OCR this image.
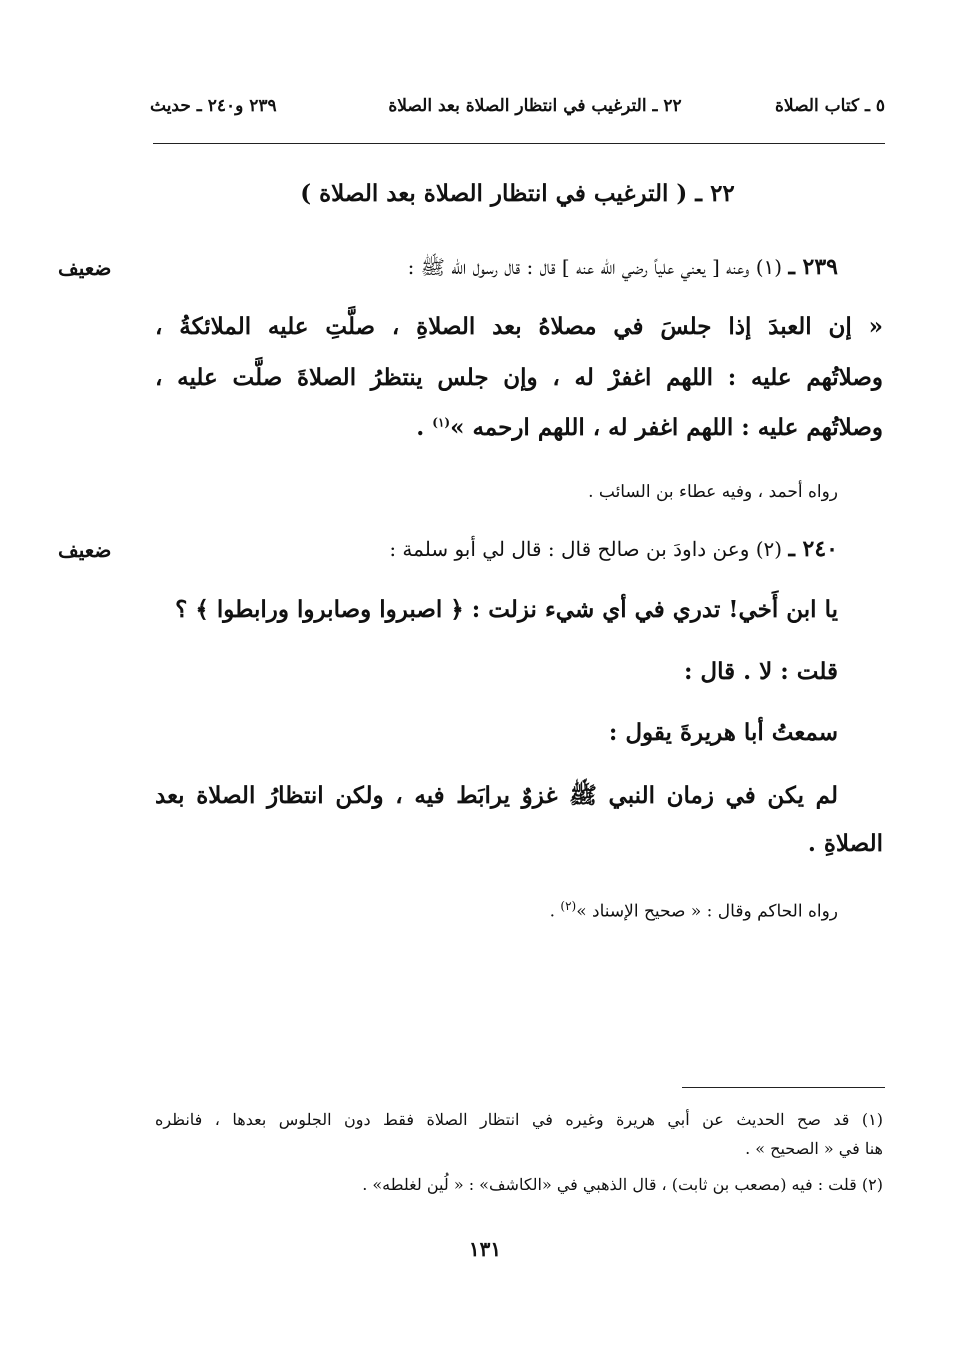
٥ ـ كتاب الصلاة
٢٢ ـ الترغيب في انتظار الصلاة بعد الصلاة
٢٣٩ و٢٤٠ ـ حديث
٢٢ ـ ( الترغيب في انتظار الصلاة بعد الصلاة )
ضعيف	٢٣٩ ـ (١) وعنه [ يعني علياً رضي الله عنه ] قال : قال رسول الله ﷺ :
« إن العبدَ إذا جلسَ في مصلاهُ بعد الصلاةِ ، صلَّتِ عليه الملائكةُ ،
وصلاتُهم عليه : اللهم اغفرْ له ، وإن جلس ينتظرُ الصلاةَ صلَّت عليه ،
وصلاتُهم عليه : اللهم اغفر له ، اللهم ارحمه »$^{(١)}$ .
رواه أحمد ، وفيه عطاء بن السائب .
ضعيف	٢٤٠ ـ (٢) وعن داودَ بن صالح قال : قال لي أبو سلمة :
يا ابن أَخي! تدري في أي شيء نزلت : ﴿ اصبروا وصابروا ورابطوا ﴾ ؟
قلت : لا . قال :
سمعتُ أبا هريرةَ يقول :
لم يكن في زمان النبي ﷺ غزوٌ يرابَط فيه ، ولكن انتظارُ الصلاة بعد
الصلاةِ .
رواه الحاكم وقال : « صحيح الإسناد »$^{(٢)}$ .
(١) قد صح الحديث عن أبي هريرة وغيره في انتظار الصلاة فقط دون الجلوس بعدها ، فانظره
هنا في « الصحيح » .
(٢) قلت : فيه (مصعب بن ثابت) ، قال الذهبي في «الكاشف» : « لُين لغلطه» .
١٣١
